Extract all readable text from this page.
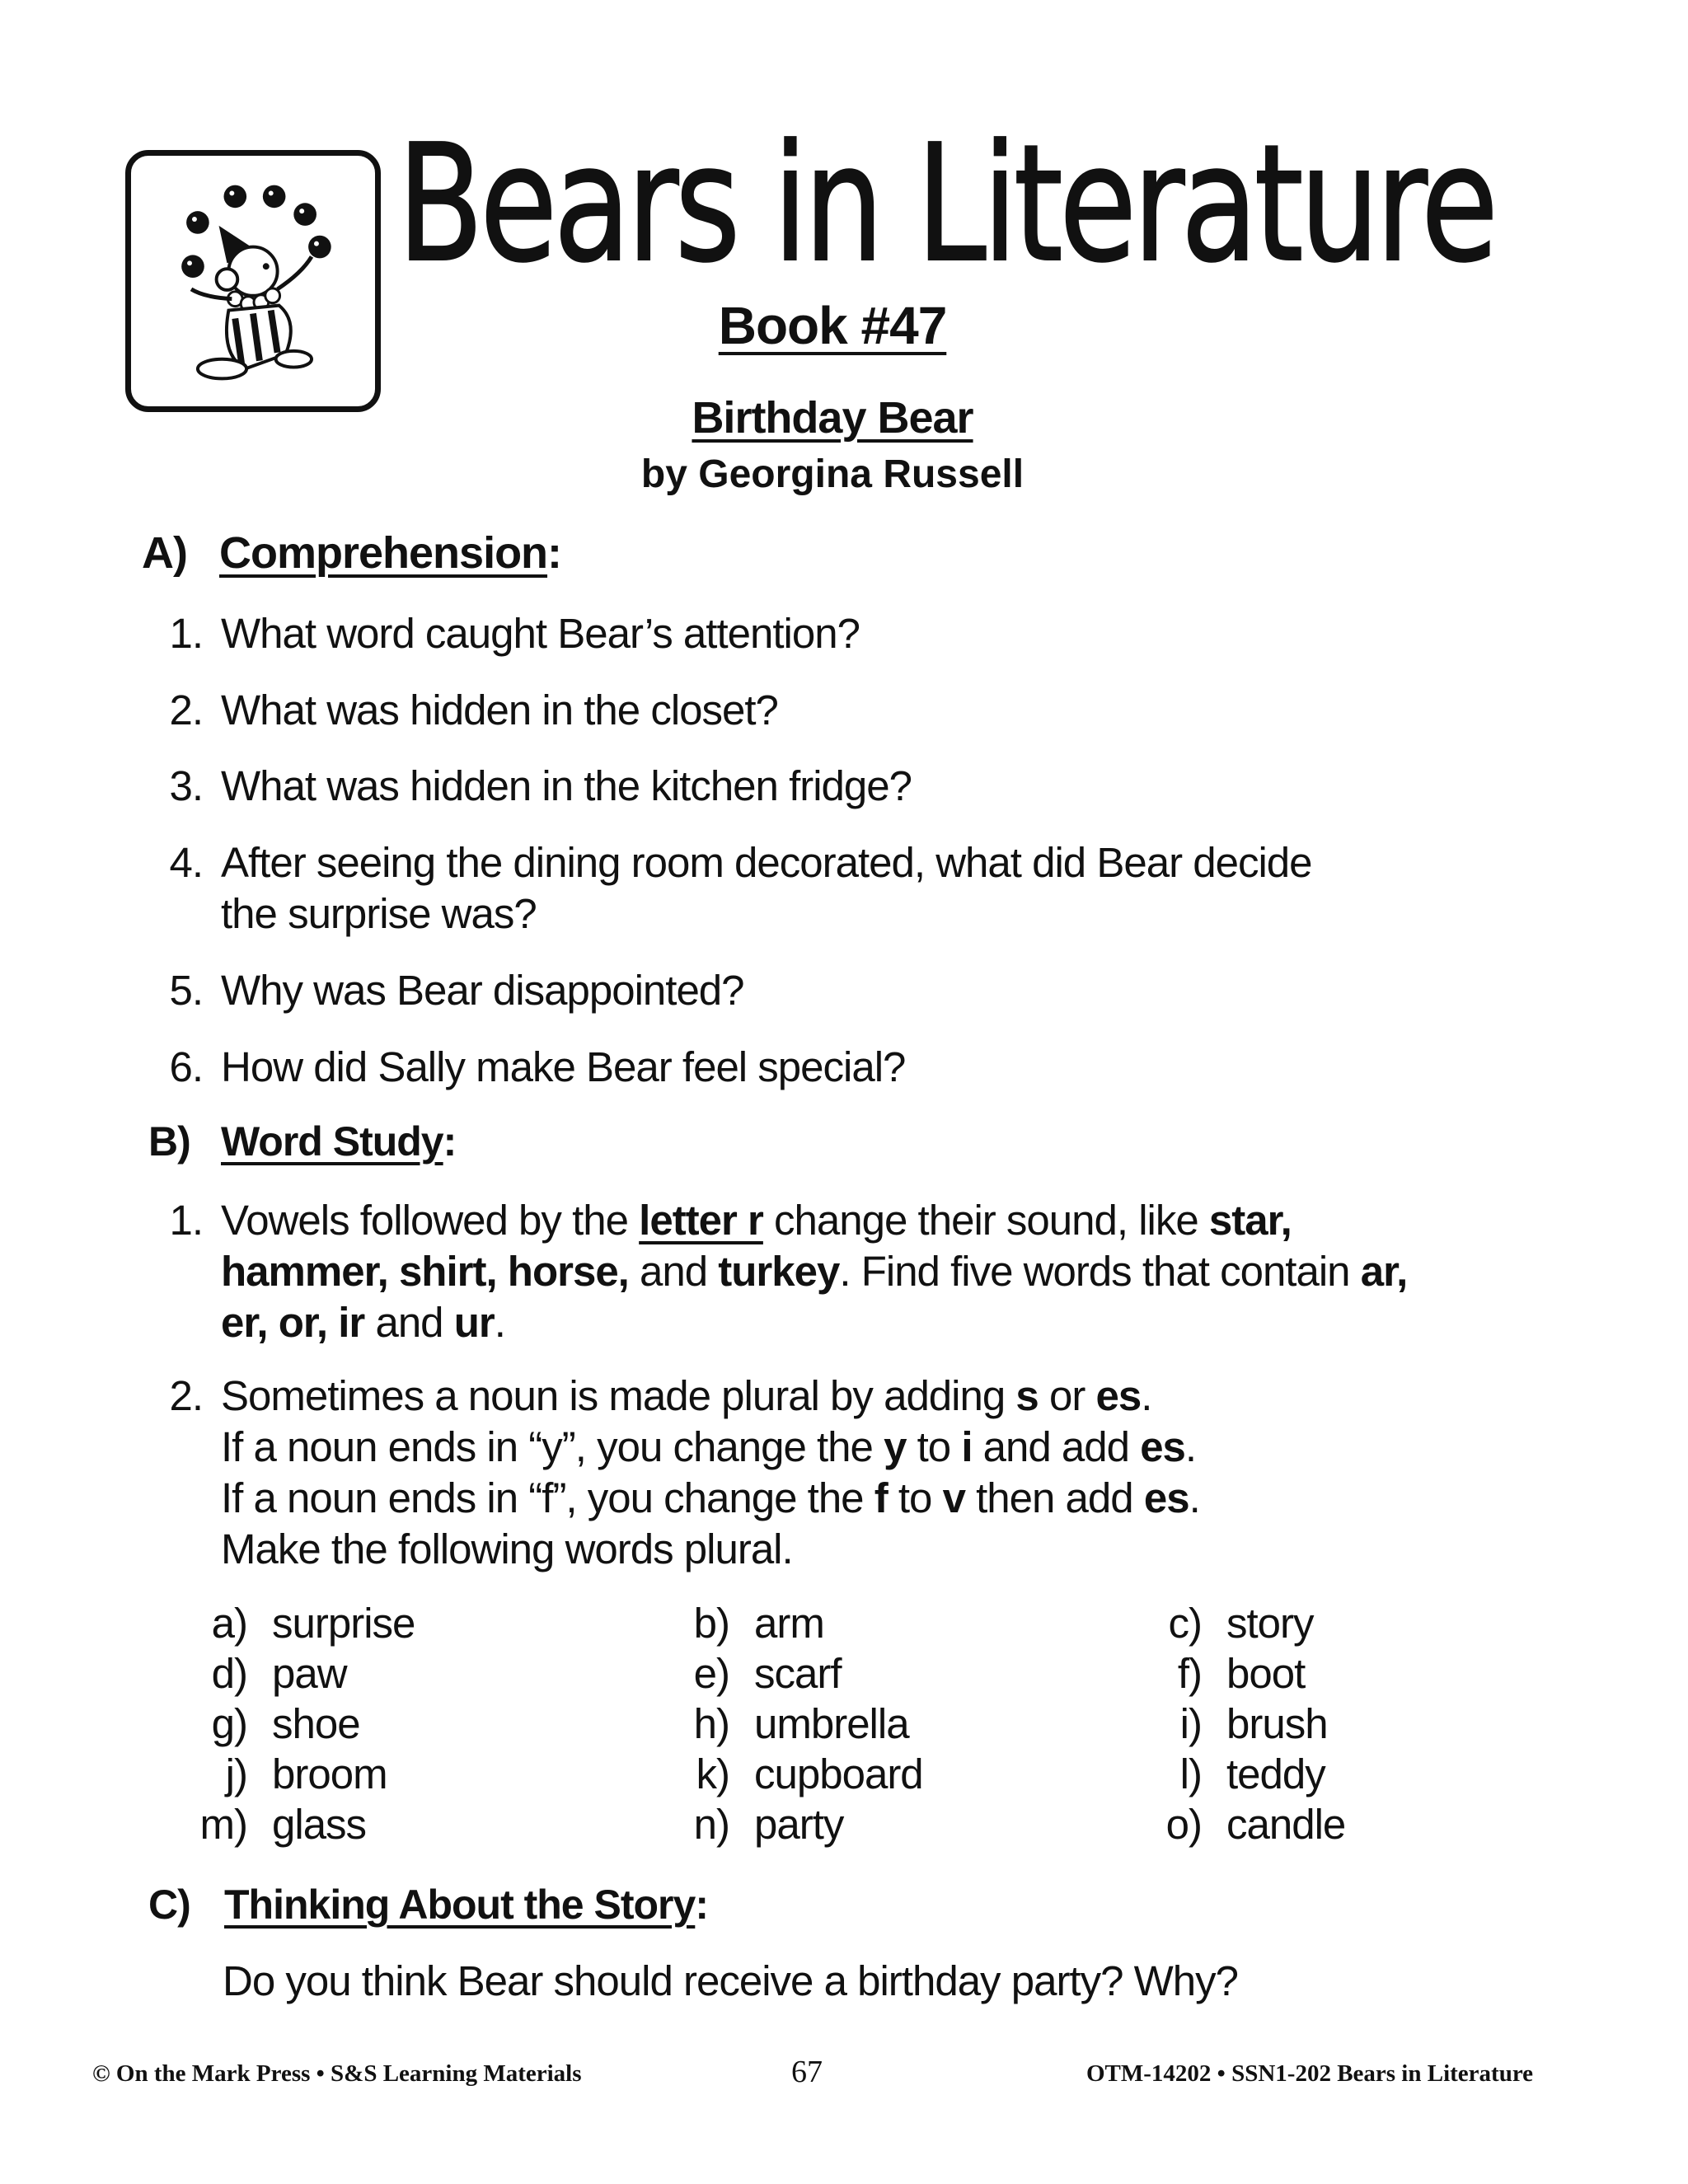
Bears in Literature
Book #47
Birthday Bear
by Georgina Russell
A) Comprehension:
1. What word caught Bear’s attention?
2. What was hidden in the closet?
3. What was hidden in the kitchen fridge?
4. After seeing the dining room decorated, what did Bear decide
the surprise was?
5. Why was Bear disappointed?
6. How did Sally make Bear feel special?
B) Word Study:
1. Vowels followed by the letter r change their sound, like star,
hammer, shirt, horse, and turkey. Find five words that contain ar,
er, or, ir and ur.
2. Sometimes a noun is made plural by adding s or es.
If a noun ends in “y”, you change the y to i and add es.
If a noun ends in “f”, you change the f to v then add es.
Make the following words plural.
a) surprise	b) arm	c) story
d) paw	e) scarf	f) boot
g) shoe	h) umbrella	i) brush
j) broom	k) cupboard	l) teddy
m) glass	n) party	o) candle
C) Thinking About the Story:
Do you think Bear should receive a birthday party? Why?
© On the Mark Press • S&S Learning Materials	67	OTM-14202 • SSN1-202 Bears in Literature
